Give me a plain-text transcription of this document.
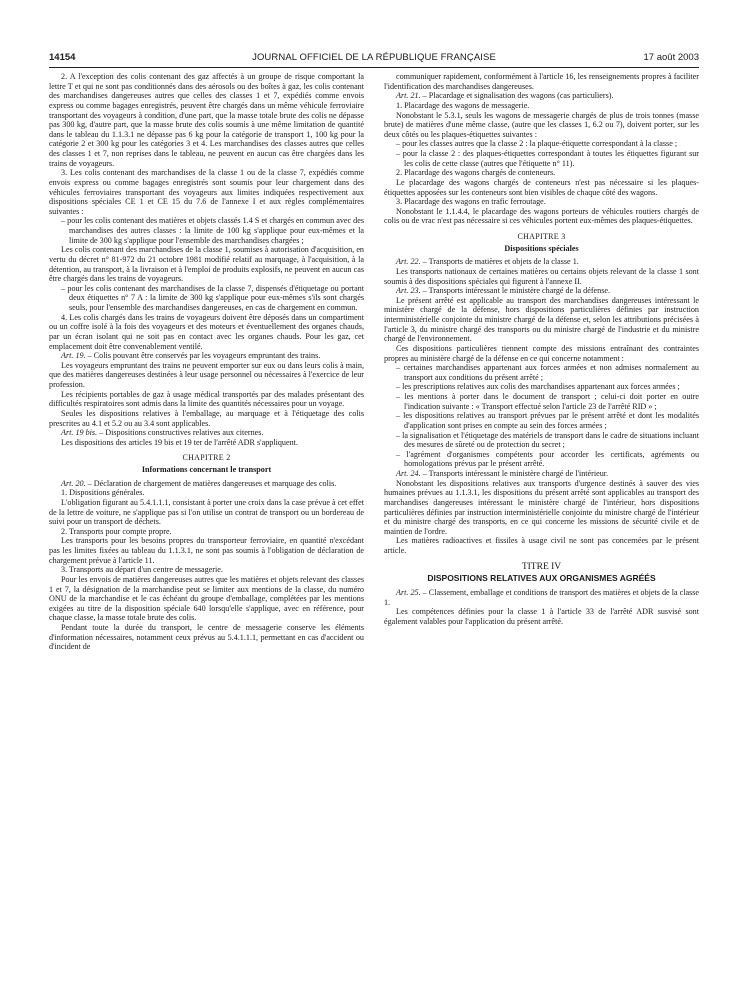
14154	JOURNAL OFFICIEL DE LA RÉPUBLIQUE FRANÇAISE	17 août 2003

2. A l'exception des colis contenant des gaz affectés à un groupe de risque comportant la lettre T et qui ne sont pas conditionnés dans des aérosols ou des boîtes à gaz, les colis contenant des marchandises dangereuses autres que celles des classes 1 et 7, expédiés comme envois express ou comme bagages enregistrés, peuvent être chargés dans un même véhicule ferroviaire transportant des voyageurs à condition, d'une part, que la masse totale brute des colis ne dépasse pas 300 kg, d'autre part, que la masse brute des colis soumis à une même limitation de quantité dans le tableau du 1.1.3.1 ne dépasse pas 6 kg pour la catégorie de transport 1, 100 kg pour la catégorie 2 et 300 kg pour les catégories 3 et 4. Les marchandises des classes autres que celles des classes 1 et 7, non reprises dans le tableau, ne peuvent en aucun cas être chargées dans les trains de voyageurs.

3. Les colis contenant des marchandises de la classe 1 ou de la classe 7, expédiés comme envois express ou comme bagages enregistrés sont soumis pour leur chargement dans des véhicules ferroviaires transportant des voyageurs aux limites indiquées respectivement aux dispositions spéciales CE 1 et CE 15 du 7.6 de l'annexe I et aux règles complémentaires suivantes :

– pour les colis contenant des matières et objets classés 1.4 S et chargés en commun avec des marchandises des autres classes : la limite de 100 kg s'applique pour eux-mêmes et la limite de 300 kg s'applique pour l'ensemble des marchandises chargées ;

Les colis contenant des marchandises de la classe 1, soumises à autorisation d'acquisition, en vertu du décret n° 81-972 du 21 octobre 1981 modifié relatif au marquage, à l'acquisition, à la détention, au transport, à la livraison et à l'emploi de produits explosifs, ne peuvent en aucun cas être chargés dans les trains de voyageurs.

– pour les colis contenant des marchandises de la classe 7, dispensés d'étiquetage ou portant deux étiquettes n° 7 A : la limite de 300 kg s'applique pour eux-mêmes s'ils sont chargés seuls, pour l'ensemble des marchandises dangereuses, en cas de chargement en commun.

4. Les colis chargés dans les trains de voyageurs doivent être déposés dans un compartiment ou un coffre isolé à la fois des voyageurs et des moteurs et éventuellement des organes chauds, par un écran isolant qui ne soit pas en contact avec les organes chauds. Pour les gaz, cet emplacement doit être convenablement ventilé.

Art. 19. – Colis pouvant être conservés par les voyageurs empruntant des trains.

Les voyageurs empruntant des trains ne peuvent emporter sur eux ou dans leurs colis à main, que des matières dangereuses destinées à leur usage personnel ou nécessaires à l'exercice de leur profession.

Les récipients portables de gaz à usage médical transportés par des malades présentant des difficultés respiratoires sont admis dans la limite des quantités nécessaires pour un voyage.

Seules les dispositions relatives à l'emballage, au marquage et à l'étiquetage des colis prescrites au 4.1 et 5.2 ou au 3.4 sont applicables.

Art. 19 bis. – Dispositions constructives relatives aux citernes.

Les dispositions des articles 19 bis et 19 ter de l'arrêté ADR s'appliquent.

CHAPITRE 2

Informations concernant le transport

Art. 20. – Déclaration de chargement de matières dangereuses et marquage des colis.

1. Dispositions générales.

L'obligation figurant au 5.4.1.1.1, consistant à porter une croix dans la case prévue à cet effet de la lettre de voiture, ne s'applique pas si l'on utilise un contrat de transport ou un bordereau de suivi pour un transport de déchets.

2. Transports pour compte propre.

Les transports pour les besoins propres du transporteur ferroviaire, en quantité n'excédant pas les limites fixées au tableau du 1.1.3.1, ne sont pas soumis à l'obligation de déclaration de chargement prévue à l'article 11.

3. Transports au départ d'un centre de messagerie.

Pour les envois de matières dangereuses autres que les matières et objets relevant des classes 1 et 7, la désignation de la marchandise peut se limiter aux mentions de la classe, du numéro ONU de la marchandise et le cas échéant du groupe d'emballage, complétées par les mentions exigées au titre de la disposition spéciale 640 lorsqu'elle s'applique, avec en référence, pour chaque classe, la masse totale brute des colis.

Pendant toute la durée du transport, le centre de messagerie conserve les éléments d'information nécessaires, notamment ceux prévus au 5.4.1.1.1, permettant en cas d'accident ou d'incident de

communiquer rapidement, conformément à l'article 16, les renseignements propres à faciliter l'identification des marchandises dangereuses.

Art. 21. – Placardage et signalisation des wagons (cas particuliers).

1. Placardage des wagons de messagerie.

Nonobstant le 5.3.1, seuls les wagons de messagerie chargés de plus de trois tonnes (masse brute) de matières d'une même classe, (autre que les classes 1, 6.2 ou 7), doivent porter, sur les deux côtés ou les plaques-étiquettes suivantes :

– pour les classes autres que la classe 2 : la plaque-étiquette correspondant à la classe ;

– pour la classe 2 : des plaques-étiquettes correspondant à toutes les étiquettes figurant sur les colis de cette classe (autres que l'étiquette n° 11).

2. Placardage des wagons chargés de conteneurs.

Le placardage des wagons chargés de conteneurs n'est pas nécessaire si les plaques-étiquettes apposées sur les conteneurs sont bien visibles de chaque côté des wagons.

3. Placardage des wagons en trafic ferroutage.

Nonobstant le 1.1.4.4, le placardage des wagons porteurs de véhicules routiers chargés de colis ou de vrac n'est pas nécessaire si ces véhicules portent eux-mêmes des plaques-étiquettes.

CHAPITRE 3

Dispositions spéciales

Art. 22. – Transports de matières et objets de la classe 1.

Les transports nationaux de certaines matières ou certains objets relevant de la classe 1 sont soumis à des dispositions spéciales qui figurent à l'annexe II.

Art. 23. – Transports intéressant le ministère chargé de la défense.

Le présent arrêté est applicable au transport des marchandises dangereuses intéressant le ministère chargé de la défense, hors dispositions particulières définies par instruction interministérielle conjointe du ministre chargé de la défense et, selon les attributions précisées à l'article 3, du ministre chargé des transports ou du ministre chargé de l'industrie et du ministre chargé de l'environnement.

Ces dispositions particulières tiennent compte des missions entraînant des contraintes propres au ministère chargé de la défense en ce qui concerne notamment :

– certaines marchandises appartenant aux forces armées et non admises normalement au transport aux conditions du présent arrêté ;

– les prescriptions relatives aux colis des marchandises appartenant aux forces armées ;

– les mentions à porter dans le document de transport ; celui-ci doit porter en outre l'indication suivante : « Transport effectué selon l'article 23 de l'arrêté RID » ;

– les dispositions relatives au transport prévues par le présent arrêté et dont les modalités d'application sont prises en compte au sein des forces armées ;

– la signalisation et l'étiquetage des matériels de transport dans le cadre de situations incluant des mesures de sûreté ou de protection du secret ;

– l'agrément d'organismes compétents pour accorder les certificats, agréments ou homologations prévus par le présent arrêté.

Art. 24. – Transports intéressant le ministère chargé de l'intérieur.

Nonobstant les dispositions relatives aux transports d'urgence destinés à sauver des vies humaines prévues au 1.1.3.1, les dispositions du présent arrêté sont applicables au transport des marchandises dangereuses intéressant le ministère chargé de l'intérieur, hors dispositions particulières définies par instruction interministérielle conjointe du ministre chargé de l'intérieur et du ministre chargé des transports, en ce qui concerne les missions de sécurité civile et de maintien de l'ordre.

Les matières radioactives et fissiles à usage civil ne sont pas concernées par le présent article.

TITRE IV

DISPOSITIONS RELATIVES AUX ORGANISMES AGRÉÉS

Art. 25. – Classement, emballage et conditions de transport des matières et objets de la classe 1.

Les compétences définies pour la classe 1 à l'article 33 de l'arrêté ADR susvisé sont également valables pour l'application du présent arrêté.
